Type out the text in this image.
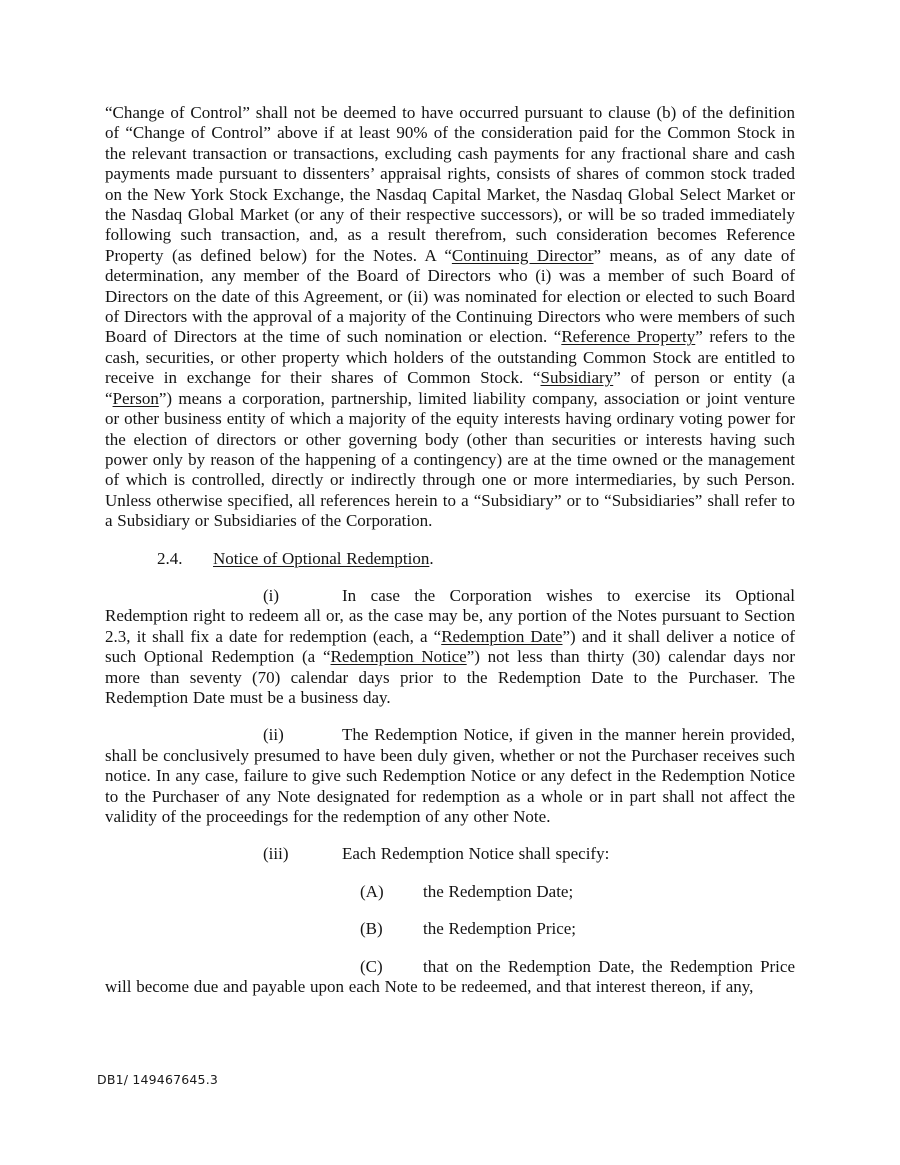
“Change of Control” shall not be deemed to have occurred pursuant to clause (b) of the definition of “Change of Control” above if at least 90% of the consideration paid for the Common Stock in the relevant transaction or transactions, excluding cash payments for any fractional share and cash payments made pursuant to dissenters’ appraisal rights, consists of shares of common stock traded on the New York Stock Exchange, the Nasdaq Capital Market, the Nasdaq Global Select Market or the Nasdaq Global Market (or any of their respective successors), or will be so traded immediately following such transaction, and, as a result therefrom, such consideration becomes Reference Property (as defined below) for the Notes. A “Continuing Director” means, as of any date of determination, any member of the Board of Directors who (i) was a member of such Board of Directors on the date of this Agreement, or (ii) was nominated for election or elected to such Board of Directors with the approval of a majority of the Continuing Directors who were members of such Board of Directors at the time of such nomination or election. “Reference Property” refers to the cash, securities, or other property which holders of the outstanding Common Stock are entitled to receive in exchange for their shares of Common Stock. “Subsidiary” of person or entity (a “Person”) means a corporation, partnership, limited liability company, association or joint venture or other business entity of which a majority of the equity interests having ordinary voting power for the election of directors or other governing body (other than securities or interests having such power only by reason of the happening of a contingency) are at the time owned or the management of which is controlled, directly or indirectly through one or more intermediaries, by such Person. Unless otherwise specified, all references herein to a “Subsidiary” or to “Subsidiaries” shall refer to a Subsidiary or Subsidiaries of the Corporation.

2.4. Notice of Optional Redemption.

(i)	In case the Corporation wishes to exercise its Optional Redemption right to redeem all or, as the case may be, any portion of the Notes pursuant to Section 2.3, it shall fix a date for redemption (each, a “Redemption Date”) and it shall deliver a notice of such Optional Redemption (a “Redemption Notice”) not less than thirty (30) calendar days nor more than seventy (70) calendar days prior to the Redemption Date to the Purchaser. The Redemption Date must be a business day.

(ii)	The Redemption Notice, if given in the manner herein provided, shall be conclusively presumed to have been duly given, whether or not the Purchaser receives such notice. In any case, failure to give such Redemption Notice or any defect in the Redemption Notice to the Purchaser of any Note designated for redemption as a whole or in part shall not affect the validity of the proceedings for the redemption of any other Note.

(iii)	Each Redemption Notice shall specify:

(A) the Redemption Date;

(B) the Redemption Price;

(C) that on the Redemption Date, the Redemption Price will become due and payable upon each Note to be redeemed, and that interest thereon, if any,

DB1/ 149467645.3
